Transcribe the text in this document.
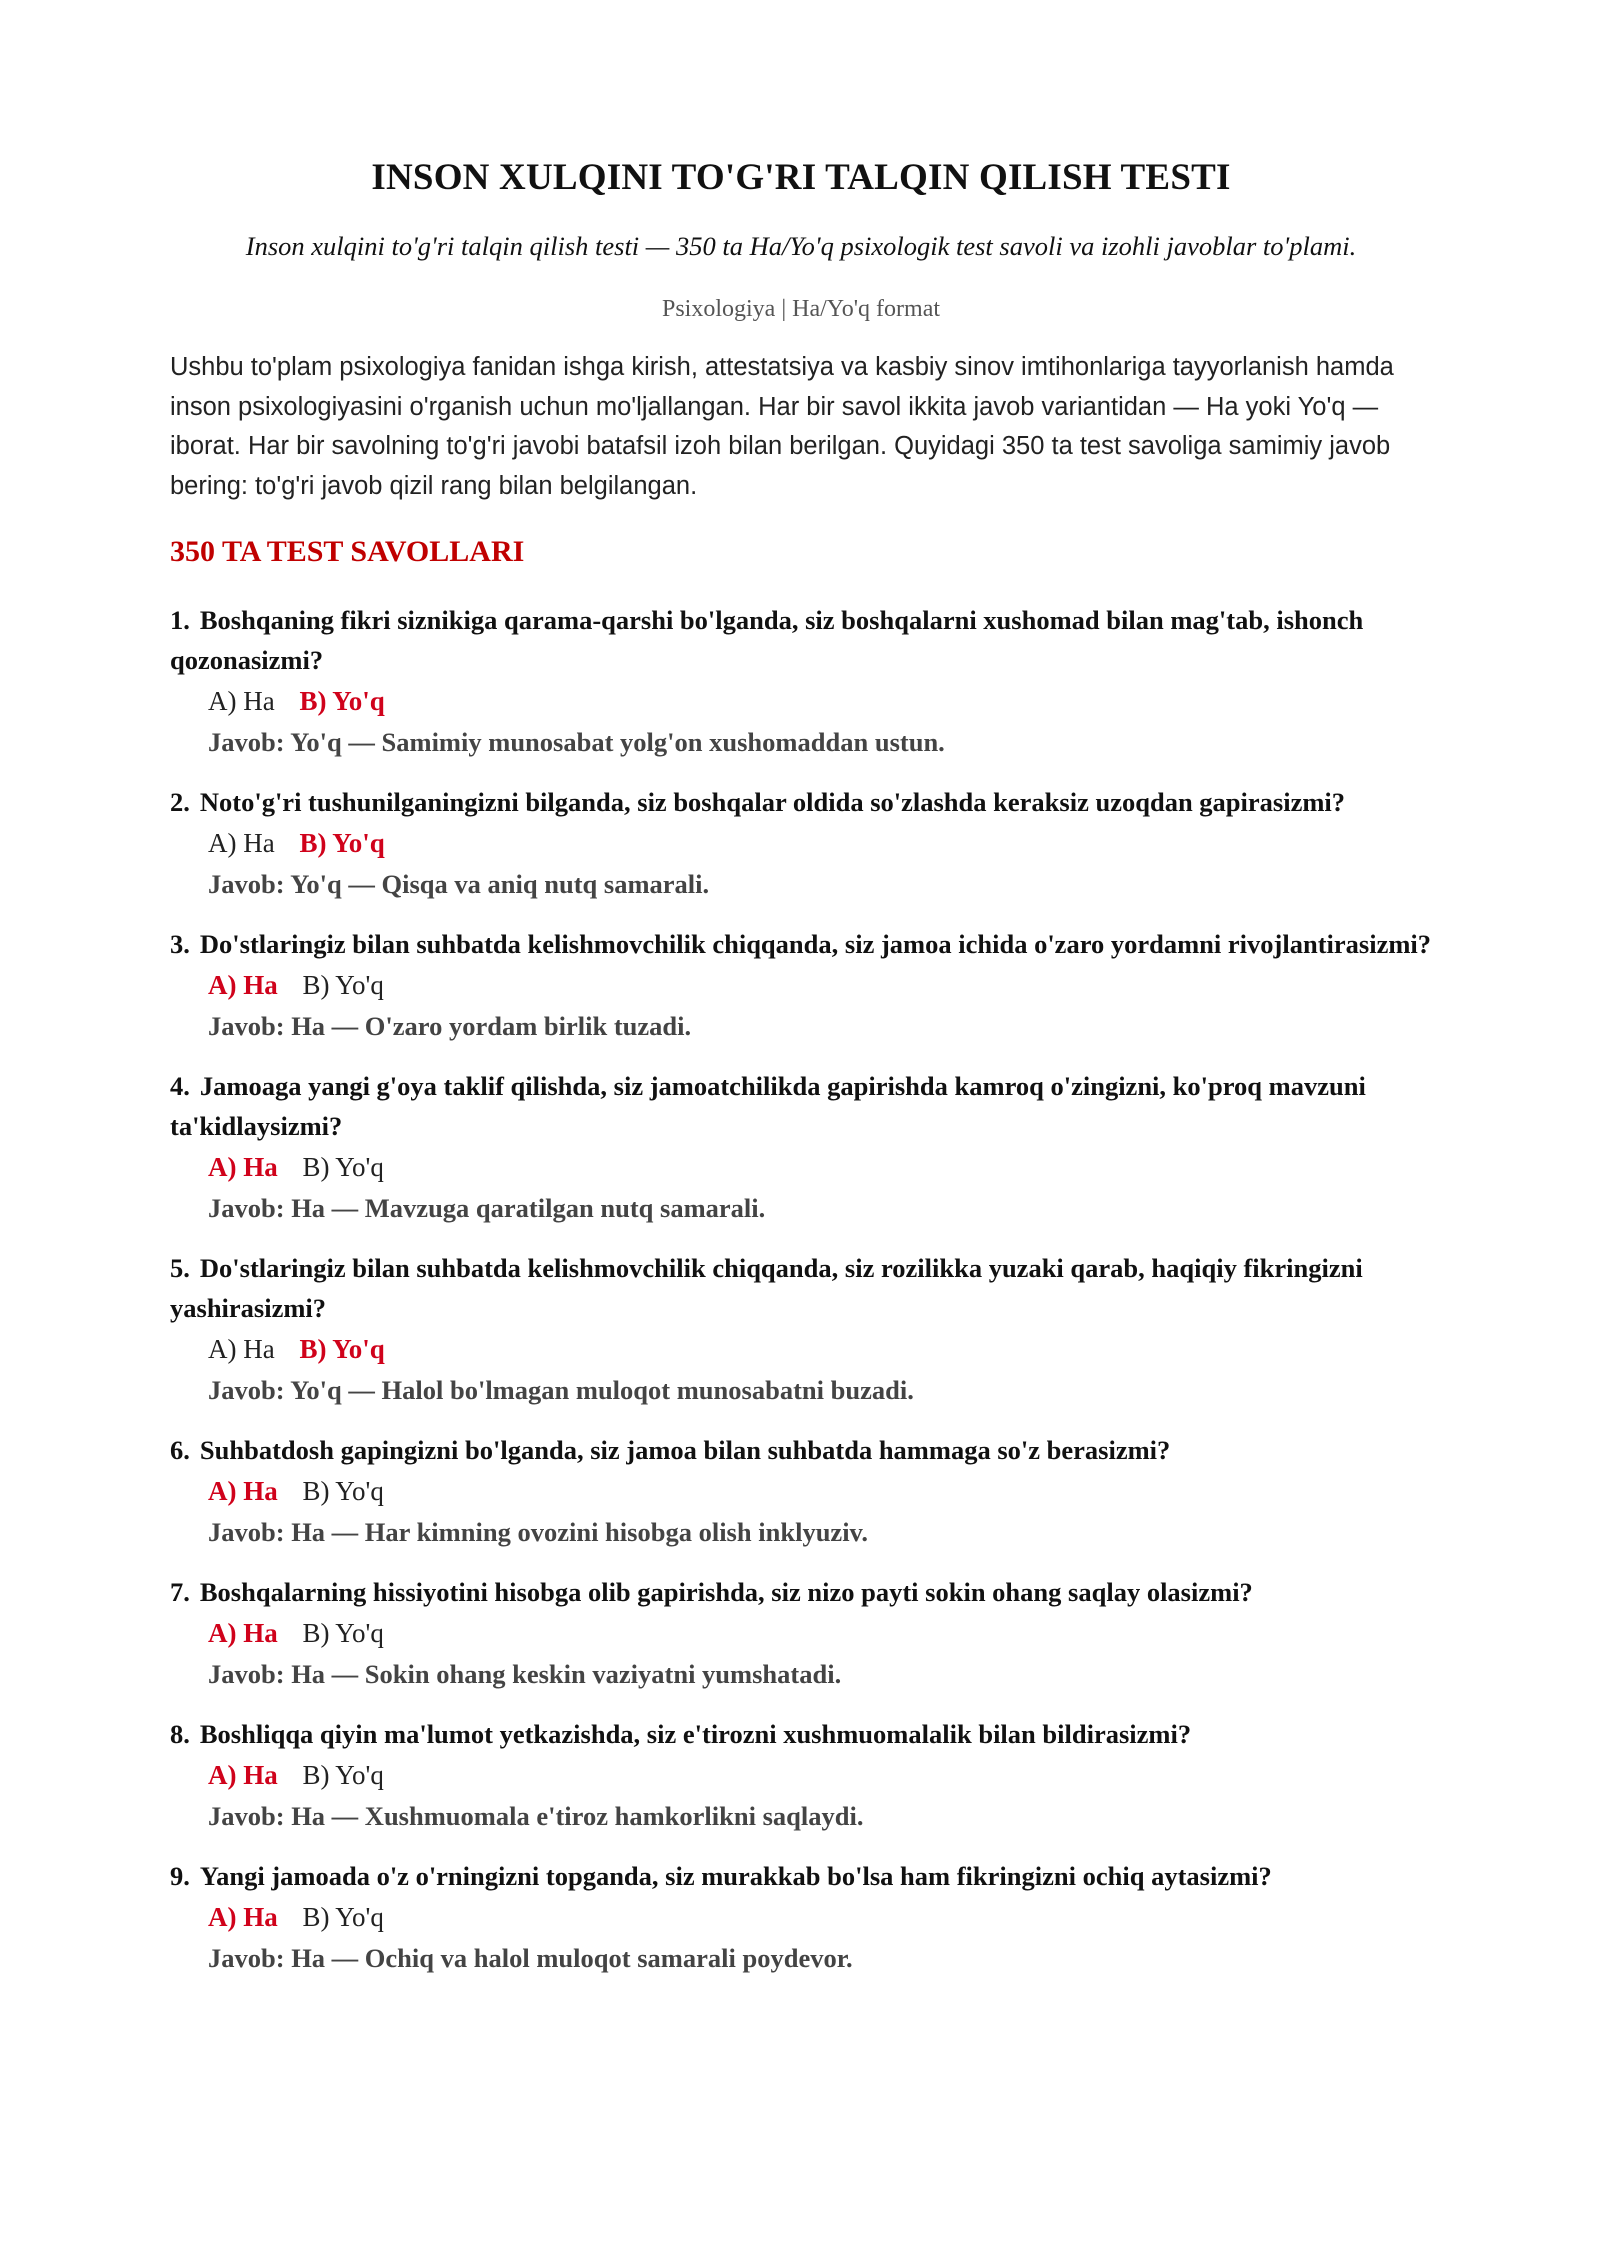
INSON XULQINI TO'G'RI TALQIN QILISH TESTI

Inson xulqini to'g'ri talqin qilish testi — 350 ta Ha/Yo'q psixologik test savoli va izohli javoblar to'plami.

Psixologiya | Ha/Yo'q format

Ushbu to'plam psixologiya fanidan ishga kirish, attestatsiya va kasbiy sinov imtihonlariga tayyorlanish hamda inson psixologiyasini o'rganish uchun mo'ljallangan. Har bir savol ikkita javob variantidan — Ha yoki Yo'q — iborat. Har bir savolning to'g'ri javobi batafsil izoh bilan berilgan. Quyidagi 350 ta test savoliga samimiy javob bering: to'g'ri javob qizil rang bilan belgilangan.

350 TA TEST SAVOLLARI

1. Boshqaning fikri siznikiga qarama-qarshi bo'lganda, siz boshqalarni xushomad bilan mag'tab, ishonch qozonasizmi?

A) Ha B) Yo'q

Javob: Yo'q — Samimiy munosabat yolg'on xushomaddan ustun.

2. Noto'g'ri tushunilganingizni bilganda, siz boshqalar oldida so'zlashda keraksiz uzoqdan gapirasizmi?

A) Ha B) Yo'q

Javob: Yo'q — Qisqa va aniq nutq samarali.

3. Do'stlaringiz bilan suhbatda kelishmovchilik chiqqanda, siz jamoa ichida o'zaro yordamni rivojlantirasizmi?

A) Ha B) Yo'q

Javob: Ha — O'zaro yordam birlik tuzadi.

4. Jamoaga yangi g'oya taklif qilishda, siz jamoatchilikda gapirishda kamroq o'zingizni, ko'proq mavzuni ta'kidlaysizmi?

A) Ha B) Yo'q

Javob: Ha — Mavzuga qaratilgan nutq samarali.

5. Do'stlaringiz bilan suhbatda kelishmovchilik chiqqanda, siz rozilikka yuzaki qarab, haqiqiy fikringizni yashirasizmi?

A) Ha B) Yo'q

Javob: Yo'q — Halol bo'lmagan muloqot munosabatni buzadi.

6. Suhbatdosh gapingizni bo'lganda, siz jamoa bilan suhbatda hammaga so'z berasizmi?

A) Ha B) Yo'q

Javob: Ha — Har kimning ovozini hisobga olish inklyuziv.

7. Boshqalarning hissiyotini hisobga olib gapirishda, siz nizo payti sokin ohang saqlay olasizmi?

A) Ha B) Yo'q

Javob: Ha — Sokin ohang keskin vaziyatni yumshatadi.

8. Boshliqqa qiyin ma'lumot yetkazishda, siz e'tirozni xushmuomalalik bilan bildirasizmi?

A) Ha B) Yo'q

Javob: Ha — Xushmuomala e'tiroz hamkorlikni saqlaydi.

9. Yangi jamoada o'z o'rningizni topganda, siz murakkab bo'lsa ham fikringizni ochiq aytasizmi?

A) Ha B) Yo'q

Javob: Ha — Ochiq va halol muloqot samarali poydevor.
